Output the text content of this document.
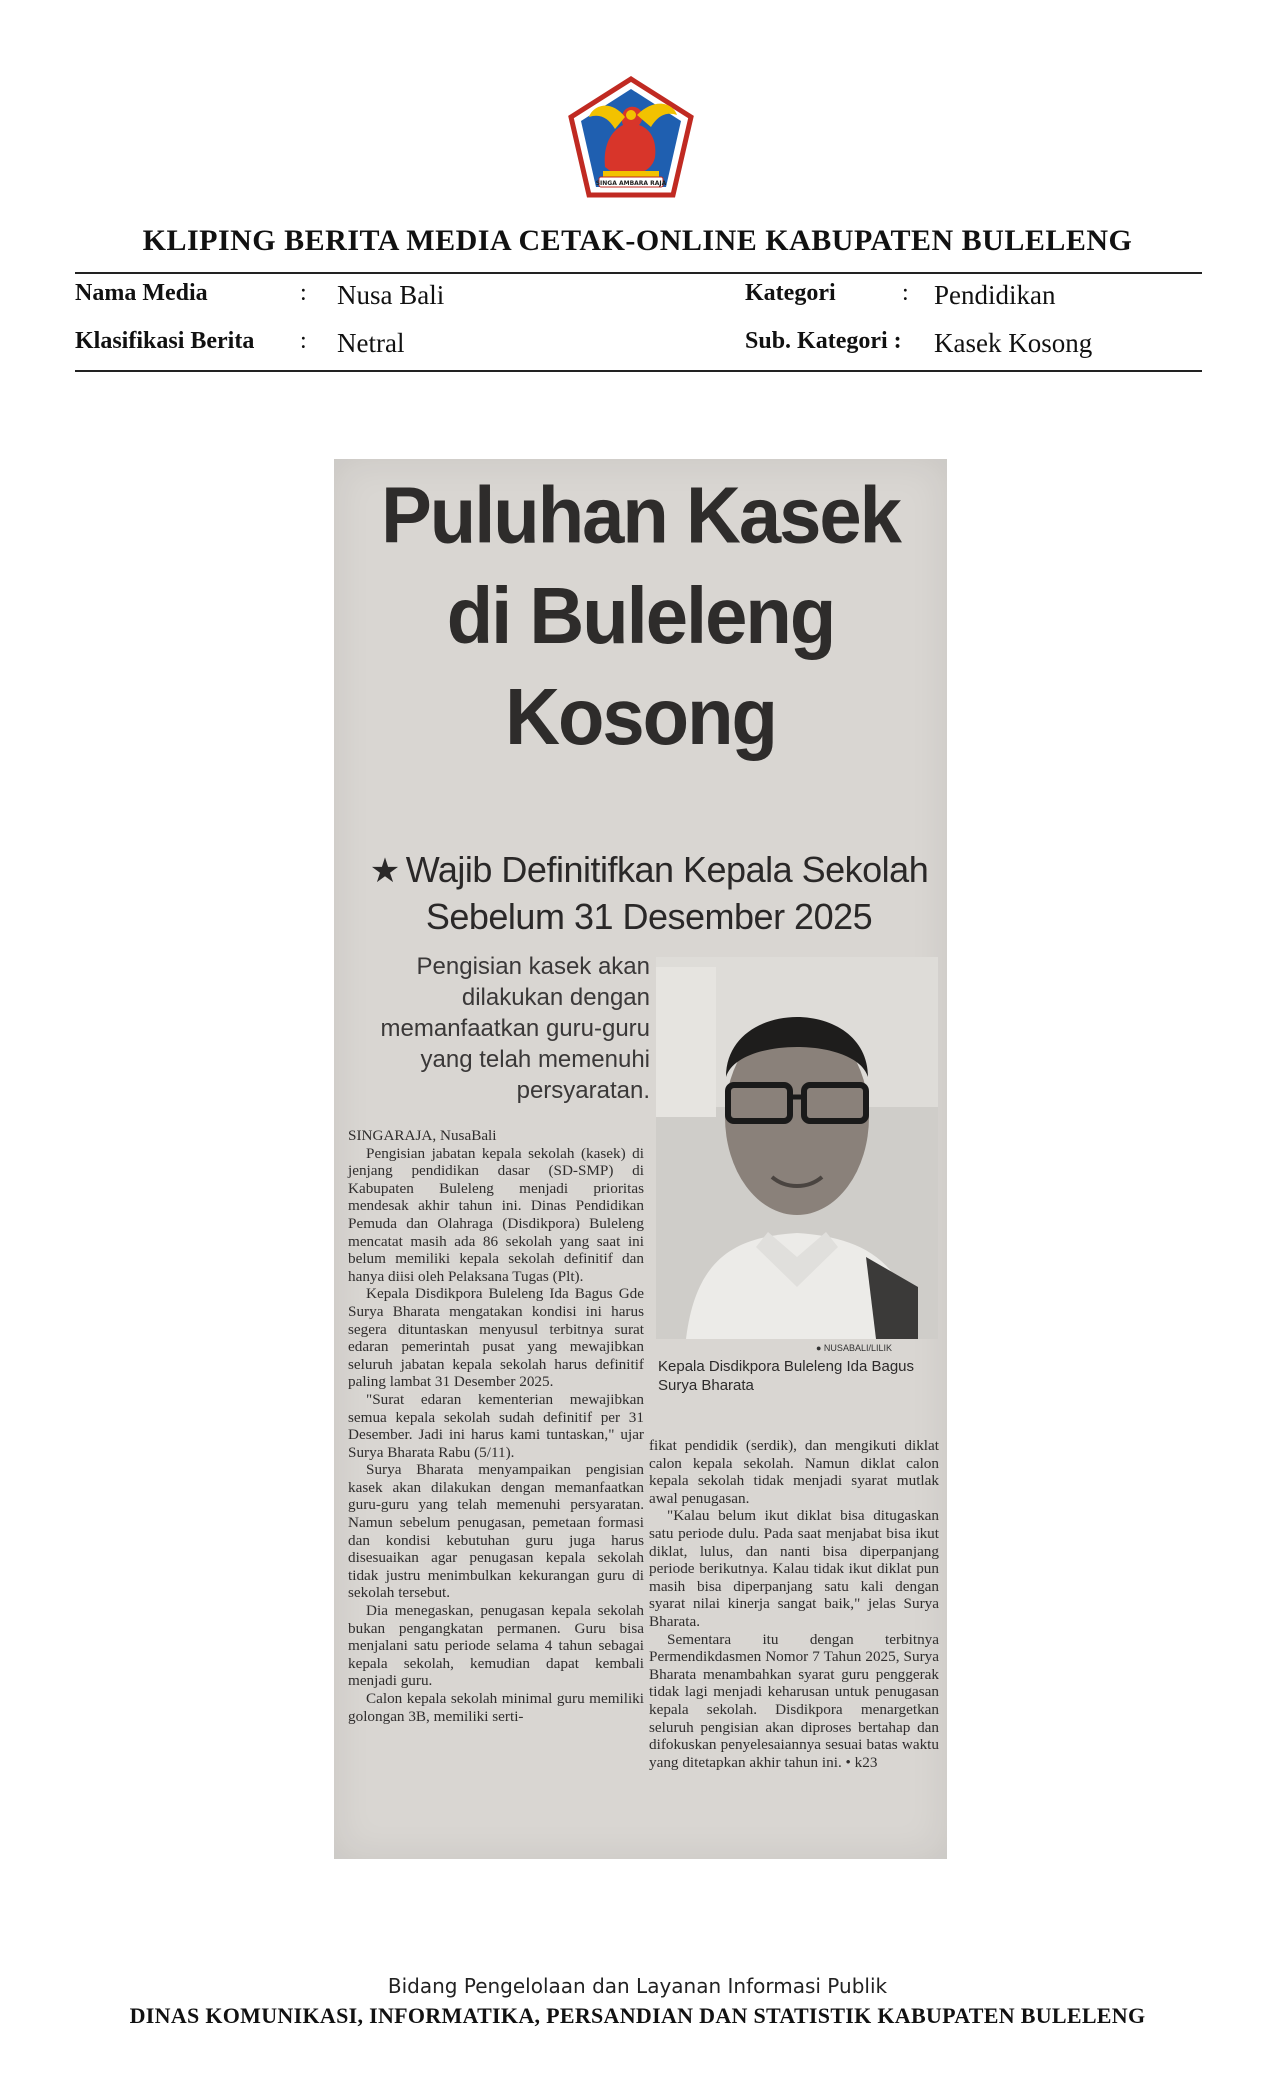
SINGA AMBARA RAJA
KLIPING BERITA MEDIA CETAK-ONLINE KABUPATEN BULELENG
Nama Media	: Nusa Bali
Klasifikasi Berita : Netral
Kategori	: Pendidikan
Sub. Kategori : Kasek Kosong
Puluhan Kasek
di Buleleng
Kosong
★ Wajib Definitifkan Kepala Sekolah
Sebelum 31 Desember 2025
Pengisian kasek akan dilakukan dengan memanfaatkan guru-guru yang telah memenuhi persyaratan.
● NUSABALI/LILIK
Kepala Disdikpora Buleleng Ida Bagus Surya Bharata

SINGARAJA, NusaBali

Pengisian jabatan kepala sekolah (kasek) di jenjang pendidikan dasar (SD-SMP) di Kabupaten Buleleng menjadi prioritas mendesak akhir tahun ini. Dinas Pendidikan Pemuda dan Olahraga (Disdikpora) Buleleng mencatat masih ada 86 sekolah yang saat ini belum memiliki kepala sekolah definitif dan hanya diisi oleh Pelaksana Tugas (Plt).

Kepala Disdikpora Buleleng Ida Bagus Gde Surya Bharata mengatakan kondisi ini harus segera dituntaskan menyusul terbitnya surat edaran pemerintah pusat yang mewajibkan seluruh jabatan kepala sekolah harus definitif paling lambat 31 Desember 2025.

"Surat edaran kementerian mewajibkan semua kepala sekolah sudah definitif per 31 Desember. Jadi ini harus kami tuntaskan," ujar Surya Bharata Rabu (5/11).

Surya Bharata menyampaikan pengisian kasek akan dilakukan dengan memanfaatkan guru-guru yang telah memenuhi persyaratan. Namun sebelum penugasan, pemetaan formasi dan kondisi kebutuhan guru juga harus disesuaikan agar penugasan kepala sekolah tidak justru menimbulkan kekurangan guru di sekolah tersebut.

Dia menegaskan, penugasan kepala sekolah bukan pengangkatan permanen. Guru bisa menjalani satu periode selama 4 tahun sebagai kepala sekolah, kemudian dapat kembali menjadi guru.

Calon kepala sekolah minimal guru memiliki golongan 3B, memiliki serti-

fikat pendidik (serdik), dan mengikuti diklat calon kepala sekolah. Namun diklat calon kepala sekolah tidak menjadi syarat mutlak awal penugasan.

"Kalau belum ikut diklat bisa ditugaskan satu periode dulu. Pada saat menjabat bisa ikut diklat, lulus, dan nanti bisa diperpanjang periode berikutnya. Kalau tidak ikut diklat pun masih bisa diperpanjang satu kali dengan syarat nilai kinerja sangat baik," jelas Surya Bharata.

Sementara itu dengan terbitnya Permendikdasmen Nomor 7 Tahun 2025, Surya Bharata menambahkan syarat guru penggerak tidak lagi menjadi keharusan untuk penugasan kepala sekolah. Disdikpora menargetkan seluruh pengisian akan diproses bertahap dan difokuskan penyelesaiannya sesuai batas waktu yang ditetapkan akhir tahun ini. • k23

Bidang Pengelolaan dan Layanan Informasi Publik
DINAS KOMUNIKASI, INFORMATIKA, PERSANDIAN DAN STATISTIK KABUPATEN BULELENG
